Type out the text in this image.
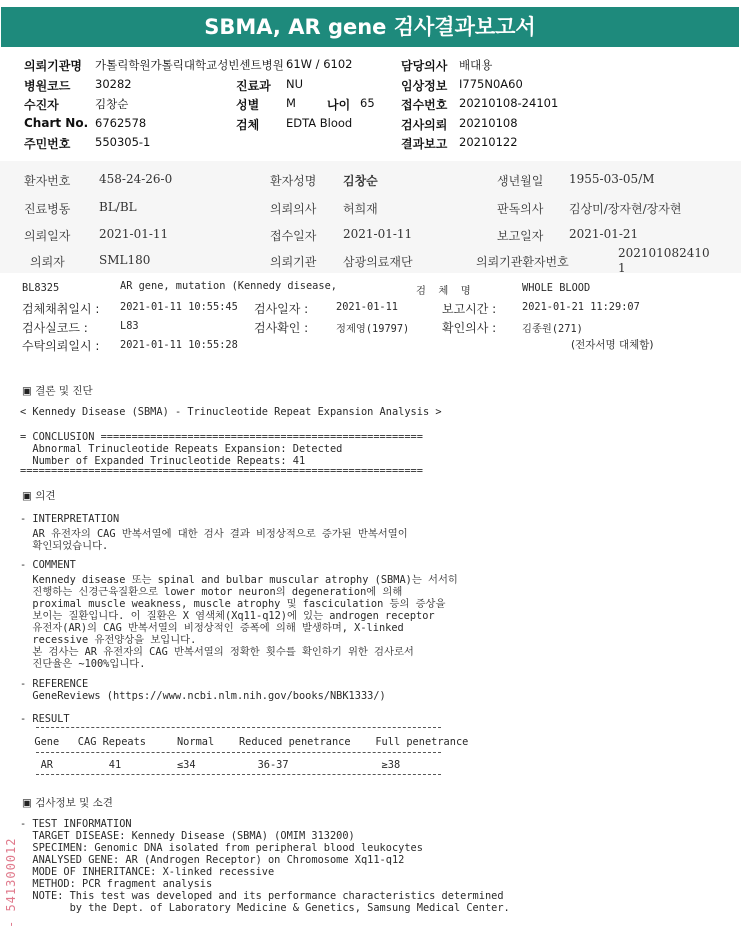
SBMA, AR gene 검사결과보고서
의뢰기관명 가톨릭학원가톨릭대학교성빈센트병원 61W / 6102	담당의사 배대용
병원코드 30282	진료과 NU	임상정보 I775N0A60
수진자	김창순	성별 M	나이 65 접수번호 20210108-24101
Chart No. 6762578	검체 EDTA Blood	검사의뢰 20210108
주민번호 550305-1	결과보고 20210122
환자번호 458-24-26-0	환자성명 김창순	생년월일 1955-03-05/M
진료병동 BL/BL	의뢰의사 허희재	판독의사 김상미/장자현/장자현
의뢰일자 2021-01-11	접수일자 2021-01-11	보고일자 2021-01-21
의뢰자	SML180	의뢰기관 삼광의료재단	의뢰기관환자번호
202101082410
1
BL8325	AR gene, mutation (Kennedy disease,	검  체  명	WHOLE BLOOD
검체채취일시 : 2021-01-11 10:55:45 검사일자 :	2021-01-11	보고시간 :	2021-01-21 11:29:07
검사실코드 :	L83	검사확인 :	정제영(19797)	확인의사 :	김종원(271)
수탁의뢰일시 : 2021-01-11 10:55:28	(전자서명 대체함)
▣ 결론 및 진단
< Kennedy Disease (SBMA) - Trinucleotide Repeat Expansion Analysis >
= CONCLUSION ====================================================
Abnormal Trinucleotide Repeats Expansion: Detected
Number of Expanded Trinucleotide Repeats: 41
=================================================================
▣ 의견
- INTERPRETATION
AR 유전자의 CAG 반복서열에 대한 검사 결과 비정상적으로 증가된 반복서열이
확인되었습니다.
- COMMENT
Kennedy disease 또는 spinal and bulbar muscular atrophy (SBMA)는 서서히
진행하는 신경근육질환으로 lower motor neuron의 degeneration에 의해
proximal muscle weakness, muscle atrophy 및 fasciculation 등의 증상을
보이는 질환입니다. 이 질환은 X 염색체(Xq11-q12)에 있는 androgen receptor
유전자(AR)의 CAG 반복서열의 비정상적인 증폭에 의해 발생하며, X-linked
recessive 유전양상을 보입니다.
본 검사는 AR 유전자의 CAG 반복서열의 정확한 횟수를 확인하기 위한 검사로서
진단율은 ~100%입니다.
- REFERENCE
GeneReviews (https://www.ncbi.nlm.nih.gov/books/NBK1333/)
- RESULT
Gene   CAG Repeats     Normal    Reduced penetrance    Full penetrance
AR         41         ≤34          36-37               ≥38
▣ 검사정보 및 소견
- TEST INFORMATION
TARGET DISEASE: Kennedy Disease (SBMA) (OMIM 313200)
SPECIMEN: Genomic DNA isolated from peripheral blood leukocytes
ANALYSED GENE: AR (Androgen Receptor) on Chromosome Xq11-q12
MODE OF INHERITANCE: X-linked recessive
METHOD: PCR fragment analysis
NOTE: This test was developed and its performance characteristics determined
by the Dept. of Laboratory Medicine & Genetics, Samsung Medical Center.
- 541300012
